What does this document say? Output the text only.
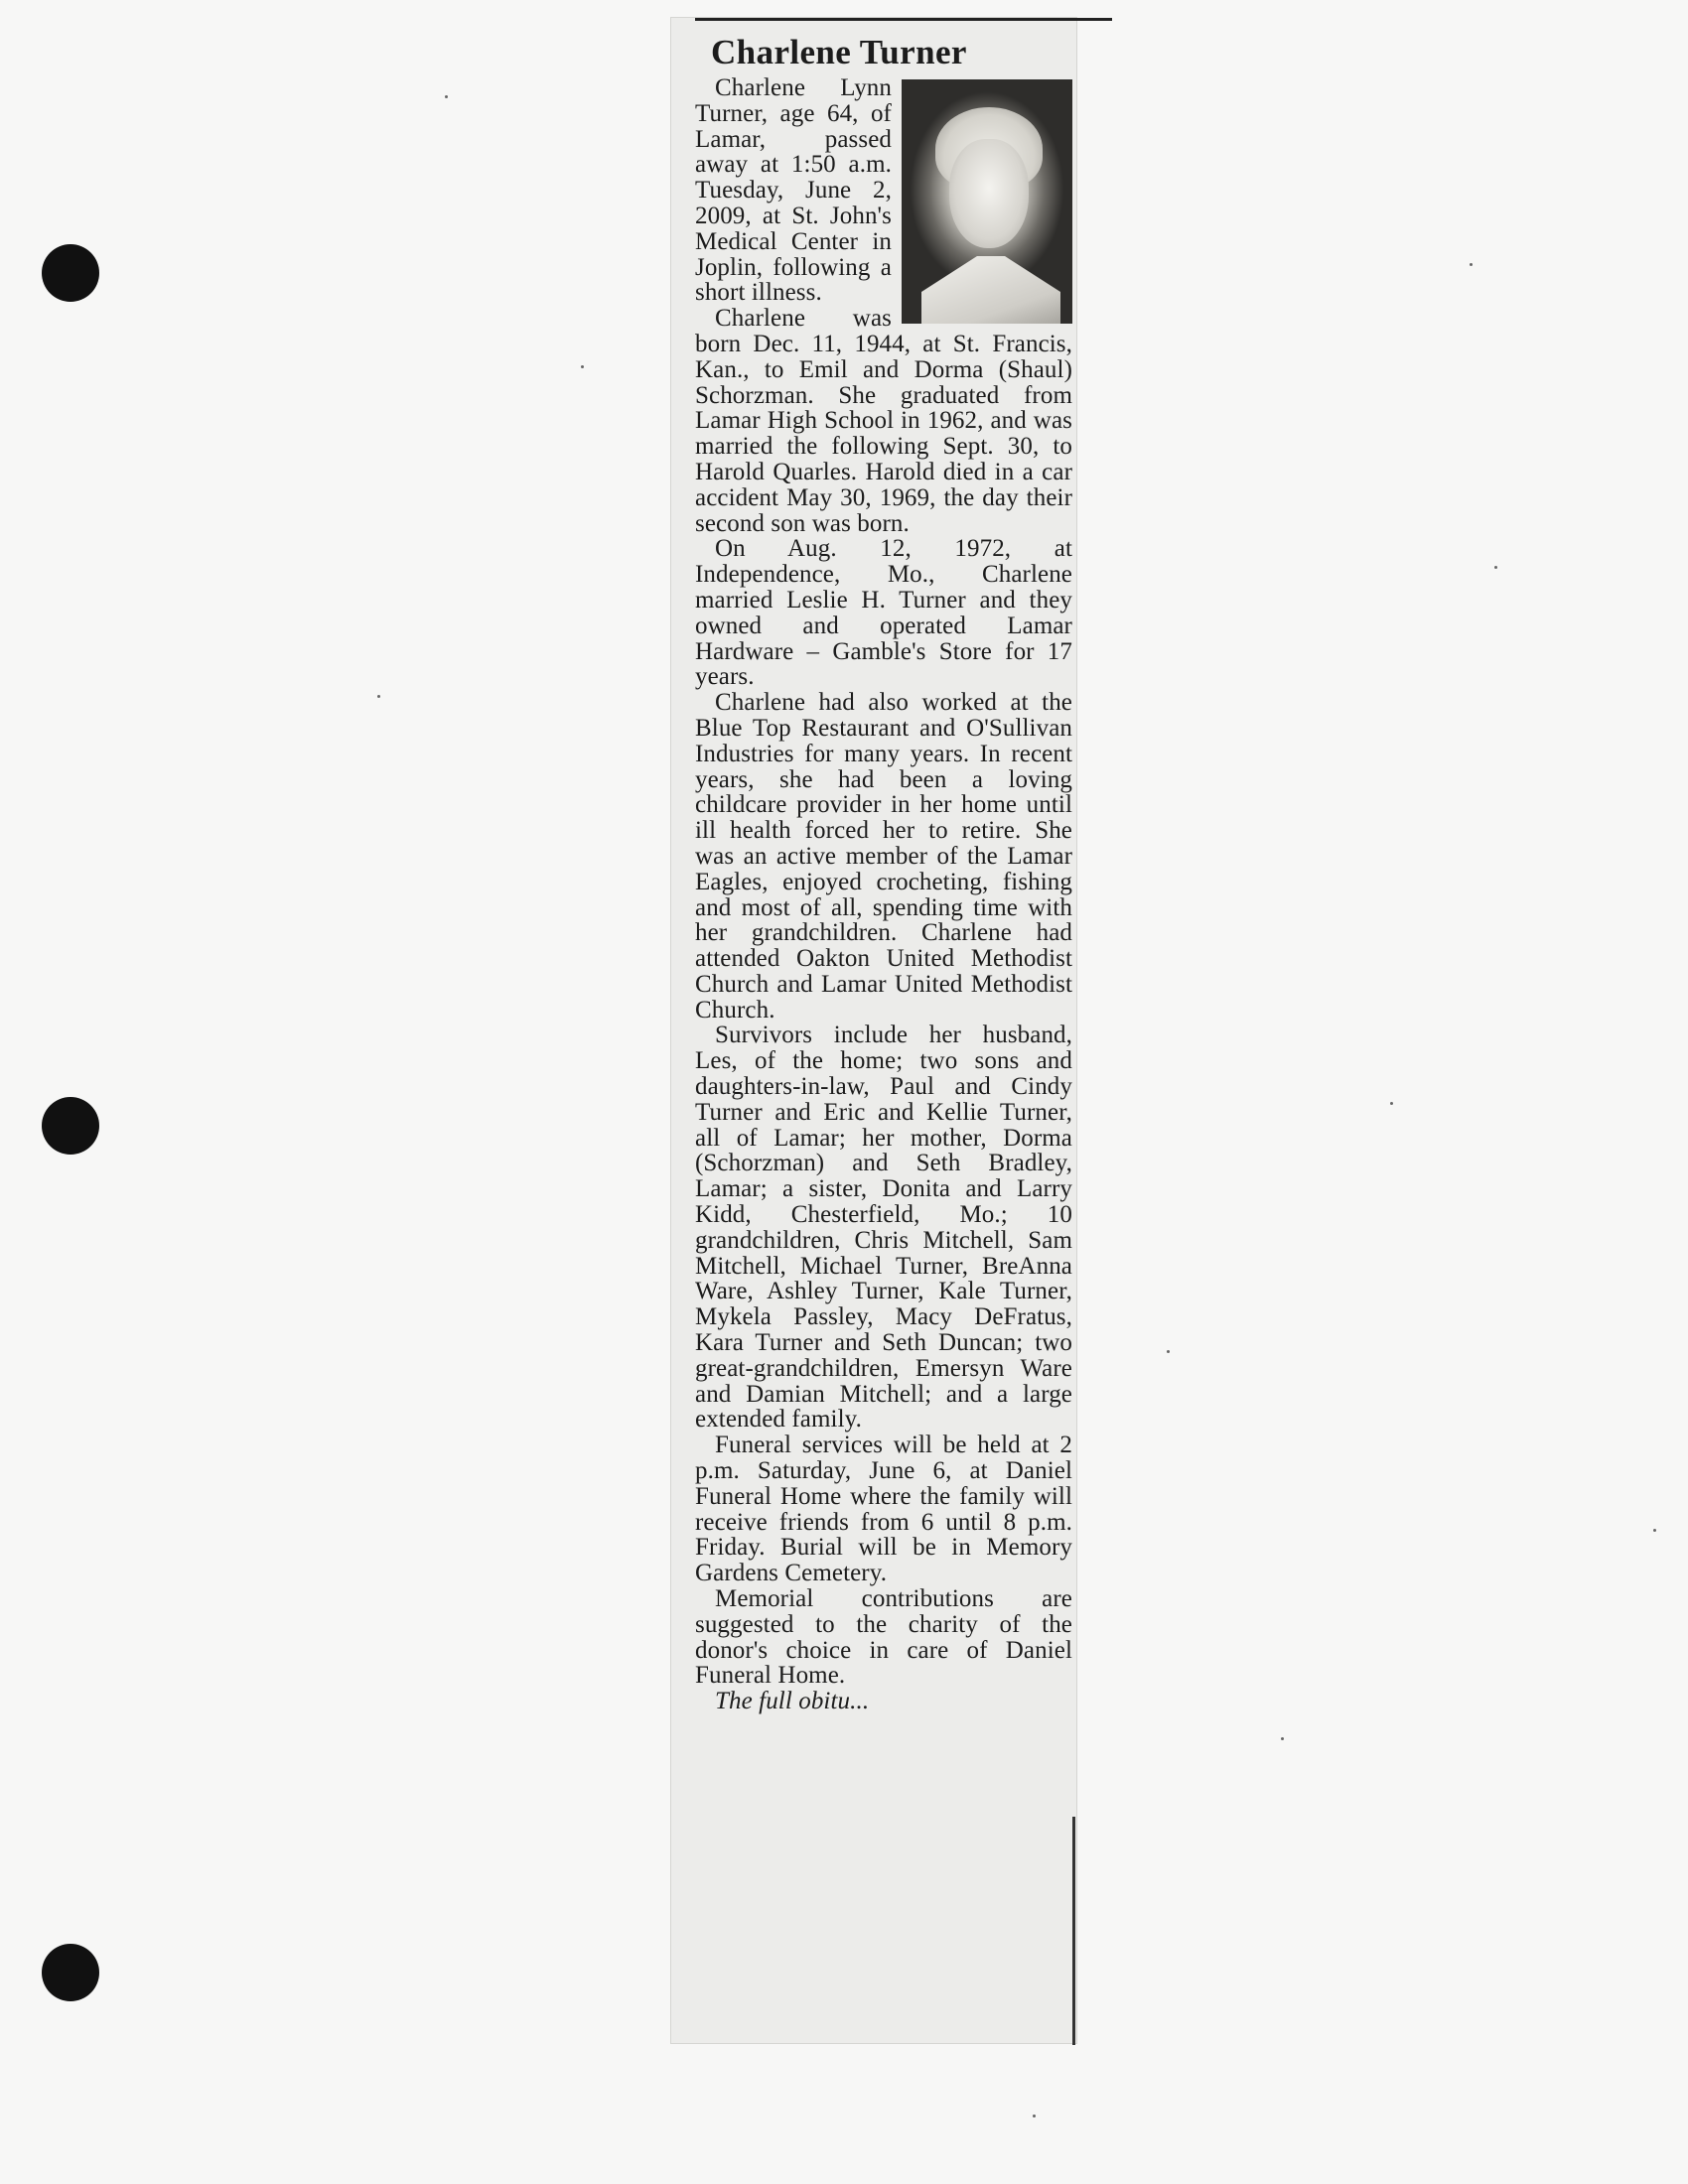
Charlene Turner

Charlene Lynn Turner, age 64, of Lamar, passed away at 1:50 a.m. Tuesday, June 2, 2009, at St. John's Medical Center in Joplin, following a short illness.

Charlene was born Dec. 11, 1944, at St. Francis, Kan., to Emil and Dorma (Shaul) Schorzman. She graduated from Lamar High School in 1962, and was married the following Sept. 30, to Harold Quarles. Harold died in a car accident May 30, 1969, the day their second son was born.

On Aug. 12, 1972, at Independence, Mo., Charlene married Leslie H. Turner and they owned and operated Lamar Hardware – Gamble's Store for 17 years.

Charlene had also worked at the Blue Top Restaurant and O'Sullivan Industries for many years. In recent years, she had been a loving childcare provider in her home until ill health forced her to retire. She was an active member of the Lamar Eagles, enjoyed crocheting, fishing and most of all, spending time with her grandchildren. Charlene had attended Oakton United Methodist Church and Lamar United Methodist Church.

Survivors include her husband, Les, of the home; two sons and daughters-in-law, Paul and Cindy Turner and Eric and Kellie Turner, all of Lamar; her mother, Dorma (Schorzman) and Seth Bradley, Lamar; a sister, Donita and Larry Kidd, Chesterfield, Mo.; 10 grandchildren, Chris Mitchell, Sam Mitchell, Michael Turner, BreAnna Ware, Ashley Turner, Kale Turner, Mykela Passley, Macy DeFratus, Kara Turner and Seth Duncan; two great-grandchildren, Emersyn Ware and Damian Mitchell; and a large extended family.

Funeral services will be held at 2 p.m. Saturday, June 6, at Daniel Funeral Home where the family will receive friends from 6 until 8 p.m. Friday. Burial will be in Memory Gardens Cemetery.

Memorial contributions are suggested to the charity of the donor's choice in care of Daniel Funeral Home.

The full obitu...
